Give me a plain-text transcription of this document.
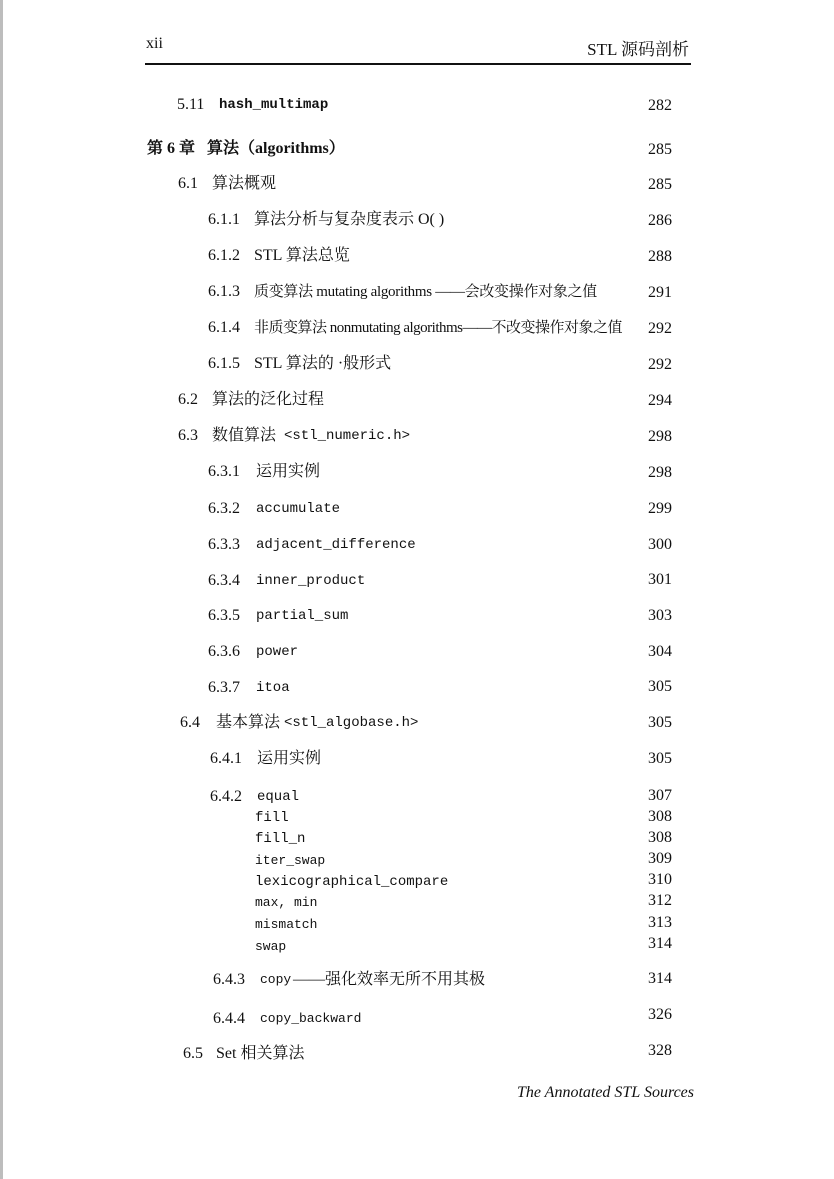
xii	STL 源码剖析
5.11 hash_multimap	282
第 6 章 算法（algorithms）	285
6.1 算法概观	285
6.1.1 算法分析与复杂度表示 O( )	286
6.1.2 STL 算法总览	288
6.1.3 质变算法 mutating algorithms ——会改变操作对象之值	291
6.1.4 非质变算法 nonmutating algorithms——不改变操作对象之值 292
6.1.5 STL 算法的 ·般形式	292
6.2 算法的泛化过程	294
6.3 数值算法 <stl_numeric.h>	298
6.3.1 运用实例	298
6.3.2 accumulate	299
6.3.3 adjacent_difference	300
6.3.4 inner_product	301
6.3.5 partial_sum	303
6.3.6 power	304
6.3.7 itoa	305
6.4 基本算法 <stl_algobase.h>	305
6.4.1 运用实例	305
6.4.2 equal	307
fill	308
fill_n	308
iter_swap	309
lexicographical_compare	310
max, min	312
mismatch	313
swap	314
6.4.3 copy ——强化效率无所不用其极	314
6.4.4 copy_backward	326
6.5 Set 相关算法	328
The Annotated STL Sources
